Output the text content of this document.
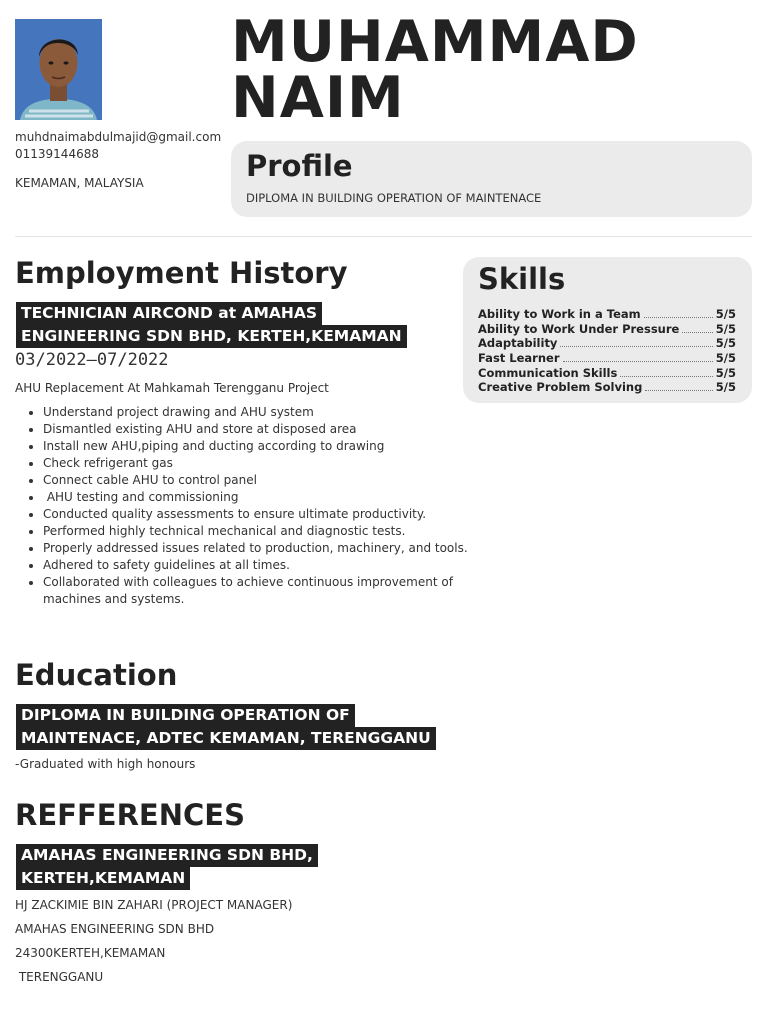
muhdnaimabdulmajid@gmail.com
01139144688
KEMAMAN, MALAYSIA
MUHAMMAD
NAIM
Profile
DIPLOMA IN BUILDING OPERATION OF MAINTENACE
Employment History
TECHNICIAN AIRCOND at AMAHAS
ENGINEERING SDN BHD, KERTEH,KEMAMAN
03/2022—07/2022
AHU Replacement At Mahkamah Terengganu Project
• Understand project drawing and AHU system
• Dismantled existing AHU and store at disposed area
• Install new AHU,piping and ducting according to drawing
• Check refrigerant gas
• Connect cable AHU to control panel
•  AHU testing and commissioning
• Conducted quality assessments to ensure ultimate productivity.
• Performed highly technical mechanical and diagnostic tests.
• Properly addressed issues related to production, machinery, and tools.
• Adhered to safety guidelines at all times.
• Collaborated with colleagues to achieve continuous improvement of machines and systems.
Education
DIPLOMA IN BUILDING OPERATION OF
MAINTENACE, ADTEC KEMAMAN, TERENGGANU
-Graduated with high honours
REFFERENCES
AMAHAS ENGINEERING SDN BHD,
KERTEH,KEMAMAN
HJ ZACKIMIE BIN ZAHARI (PROJECT MANAGER)
AMAHAS ENGINEERING SDN BHD
24300KERTEH,KEMAMAN
TERENGGANU
Skills
Ability to Work in a Team	5/5
Ability to Work Under Pressure	5/5
Adaptability	5/5
Fast Learner	5/5
Communication Skills	5/5
Creative Problem Solving	5/5
